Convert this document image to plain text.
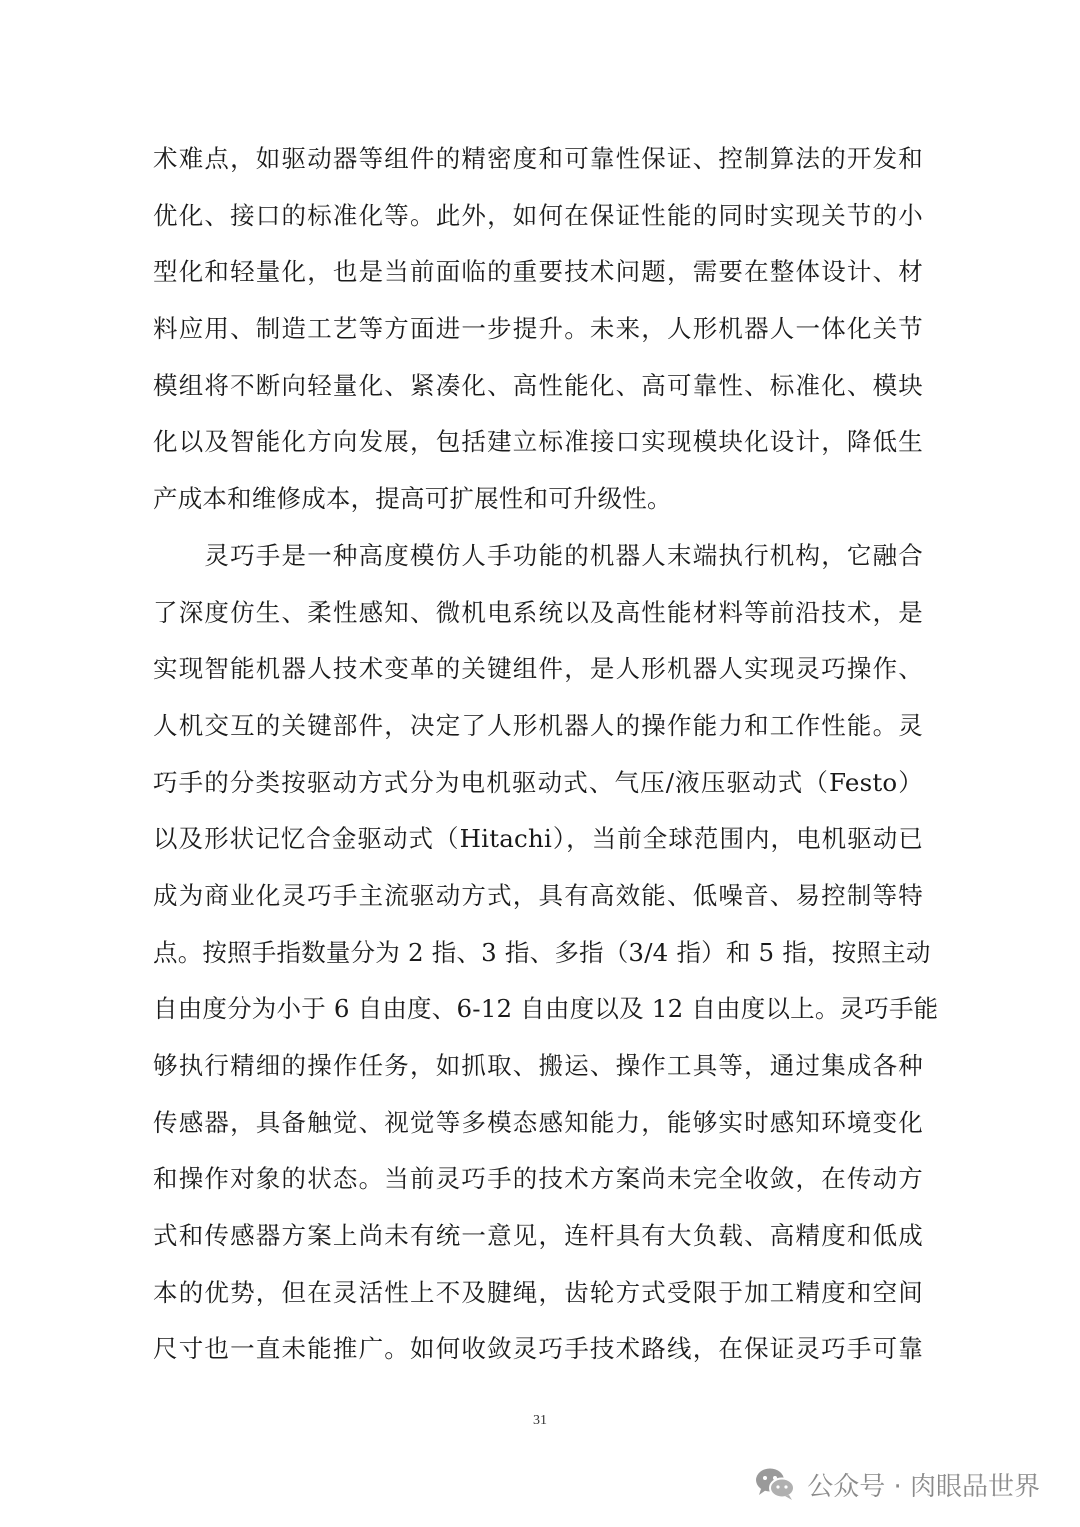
术难点，如驱动器等组件的精密度和可靠性保证、控制算法的开发和
优化、接口的标准化等。此外，如何在保证性能的同时实现关节的小
型化和轻量化，也是当前面临的重要技术问题，需要在整体设计、材
料应用、制造工艺等方面进一步提升。未来，人形机器人一体化关节
模组将不断向轻量化、紧凑化、高性能化、高可靠性、标准化、模块
化以及智能化方向发展，包括建立标准接口实现模块化设计，降低生
产成本和维修成本，提高可扩展性和可升级性。
　　灵巧手是一种高度模仿人手功能的机器人末端执行机构，它融合
了深度仿生、柔性感知、微机电系统以及高性能材料等前沿技术，是
实现智能机器人技术变革的关键组件，是人形机器人实现灵巧操作、
人机交互的关键部件，决定了人形机器人的操作能力和工作性能。灵
巧手的分类按驱动方式分为电机驱动式、气压/液压驱动式（Festo）
以及形状记忆合金驱动式（Hitachi），当前全球范围内，电机驱动已
成为商业化灵巧手主流驱动方式，具有高效能、低噪音、易控制等特
点。按照手指数量分为 2 指、3 指、多指（3/4 指）和 5 指，按照主动
自由度分为小于 6 自由度、6-12 自由度以及 12 自由度以上。灵巧手能
够执行精细的操作任务，如抓取、搬运、操作工具等，通过集成各种
传感器，具备触觉、视觉等多模态感知能力，能够实时感知环境变化
和操作对象的状态。当前灵巧手的技术方案尚未完全收敛，在传动方
式和传感器方案上尚未有统一意见，连杆具有大负载、高精度和低成
本的优势，但在灵活性上不及腱绳，齿轮方式受限于加工精度和空间
尺寸也一直未能推广。如何收敛灵巧手技术路线，在保证灵巧手可靠
31
公众号 · 肉眼品世界
